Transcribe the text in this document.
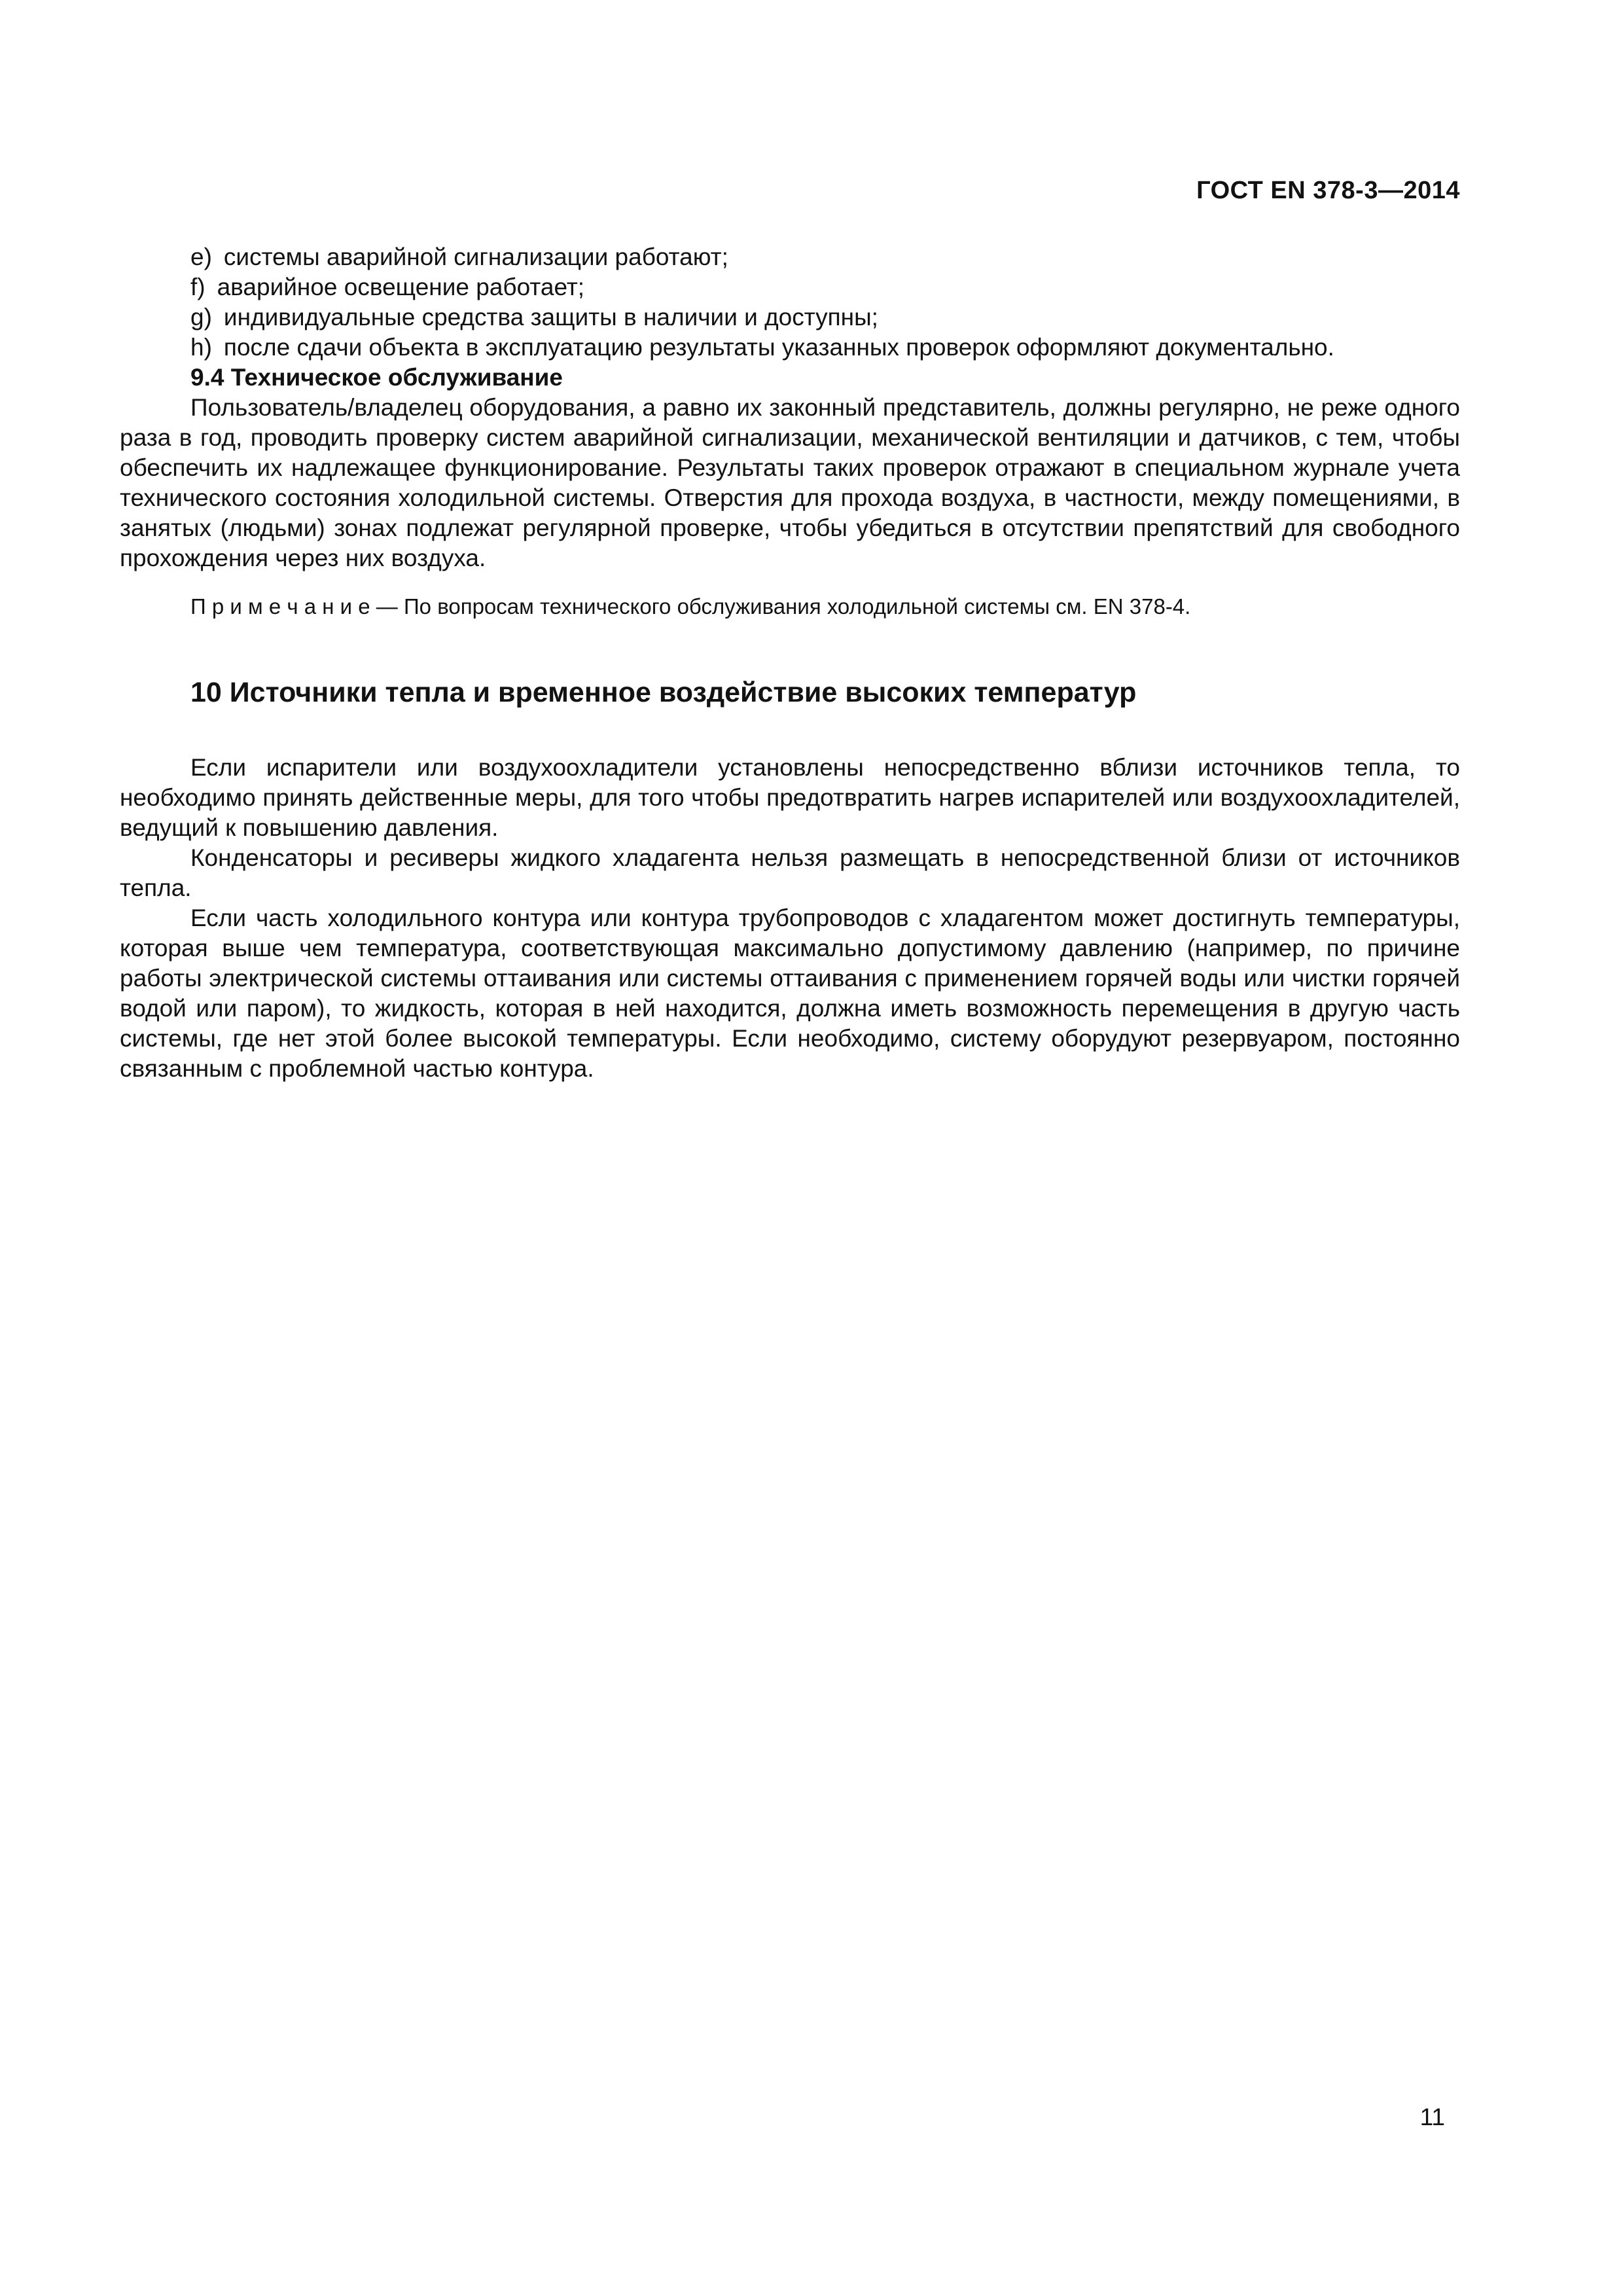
ГОСТ EN 378-3—2014

e) системы аварийной сигнализации работают;

f) аварийное освещение работает;

g) индивидуальные средства защиты в наличии и доступны;

h) после сдачи объекта в эксплуатацию результаты указанных проверок оформляют документально.

9.4 Техническое обслуживание

Пользователь/владелец оборудования, а равно их законный представитель, должны регулярно, не реже одного раза в год, проводить проверку систем аварийной сигнализации, механической вентиляции и датчиков, с тем, чтобы обеспечить их надлежащее функционирование. Результаты таких проверок отражают в специальном журнале учета технического состояния холодильной системы. Отверстия для прохода воздуха, в частности, между помещениями, в занятых (людьми) зонах подлежат регулярной проверке, чтобы убедиться в отсутствии препятствий для свободного прохождения через них воздуха.

П р и м е ч а н и е — По вопросам технического обслуживания холодильной системы см. EN 378-4.

10 Источники тепла и временное воздействие высоких температур

Если испарители или воздухоохладители установлены непосредственно вблизи источников тепла, то необходимо принять действенные меры, для того чтобы предотвратить нагрев испарителей или воздухоохладителей, ведущий к повышению давления.

Конденсаторы и ресиверы жидкого хладагента нельзя размещать в непосредственной близи от источников тепла.

Если часть холодильного контура или контура трубопроводов с хладагентом может достигнуть температуры, которая выше чем температура, соответствующая максимально допустимому давлению (например, по причине работы электрической системы оттаивания или системы оттаивания с применением горячей воды или чистки горячей водой или паром), то жидкость, которая в ней находится, должна иметь возможность перемещения в другую часть системы, где нет этой более высокой температуры. Если необходимо, систему оборудуют резервуаром, постоянно связанным с проблемной частью контура.

11
